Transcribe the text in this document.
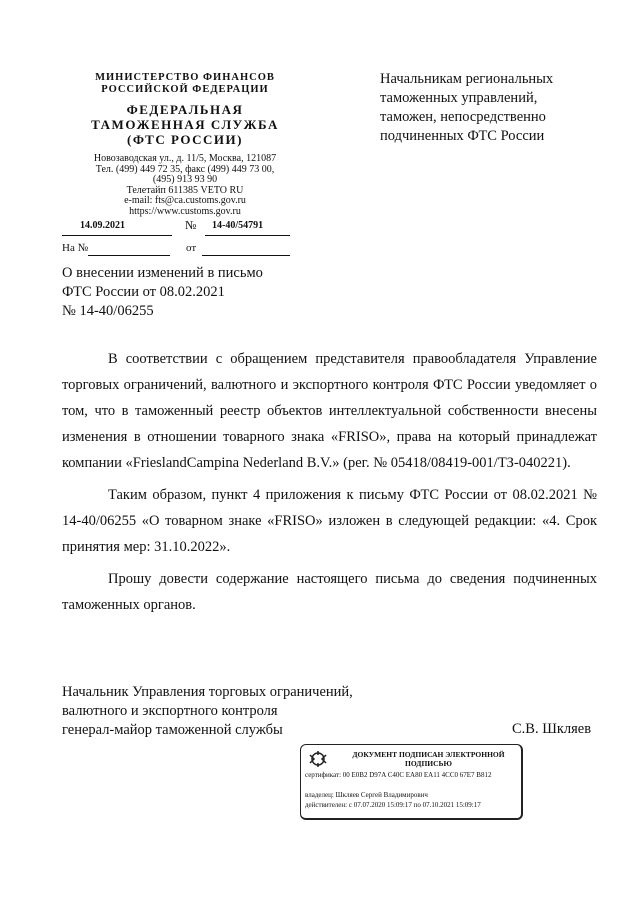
МИНИСТЕРСТВО ФИНАНСОВ
РОССИЙСКОЙ ФЕДЕРАЦИИ
ФЕДЕРАЛЬНАЯ
ТАМОЖЕННАЯ СЛУЖБА
(ФТС РОССИИ)
Новозаводская ул., д. 11/5, Москва, 121087
Тел. (499) 449 72 35, факс (499) 449 73 00,
(495) 913 93 90
Телетайп 611385 VETO RU
e-mail: fts@ca.customs.gov.ru
https://www.customs.gov.ru
14.09.2021	№ 14-40/54791
На №	от
О внесении изменений в письмо
ФТС России от 08.02.2021
№ 14-40/06255
Начальникам региональных
таможенных управлений,
таможен, непосредственно
подчиненных ФТС России

В соответствии с обращением представителя правообладателя Управление торговых ограничений, валютного и экспортного контроля ФТС России уведомляет о том, что в таможенный реестр объектов интеллектуальной собственности внесены изменения в отношении товарного знака «FRISO», права на который принадлежат компании «FrieslandCampina Nederland B.V.» (рег. № 05418/08419-001/ТЗ-040221).

Таким образом, пункт 4 приложения к письму ФТС России от 08.02.2021 № 14-40/06255 «О товарном знаке «FRISO» изложен в следующей редакции: «4. Срок принятия мер: 31.10.2022».

Прошу довести содержание настоящего письма до сведения подчиненных таможенных органов.

Начальник Управления торговых ограничений,
валютного и экспортного контроля
генерал-майор таможенной службы	С.В. Шкляев
ДОКУМЕНТ ПОДПИСАН ЭЛЕКТРОННОЙ ПОДПИСЬЮ
сертификат: 00 E0B2 D97A C40C EA80 EA11 4CC0 67E7 B812
владелец: Шкляев Сергей Владимирович
действителен: с 07.07.2020 15:09:17 по 07.10.2021 15:09:17
